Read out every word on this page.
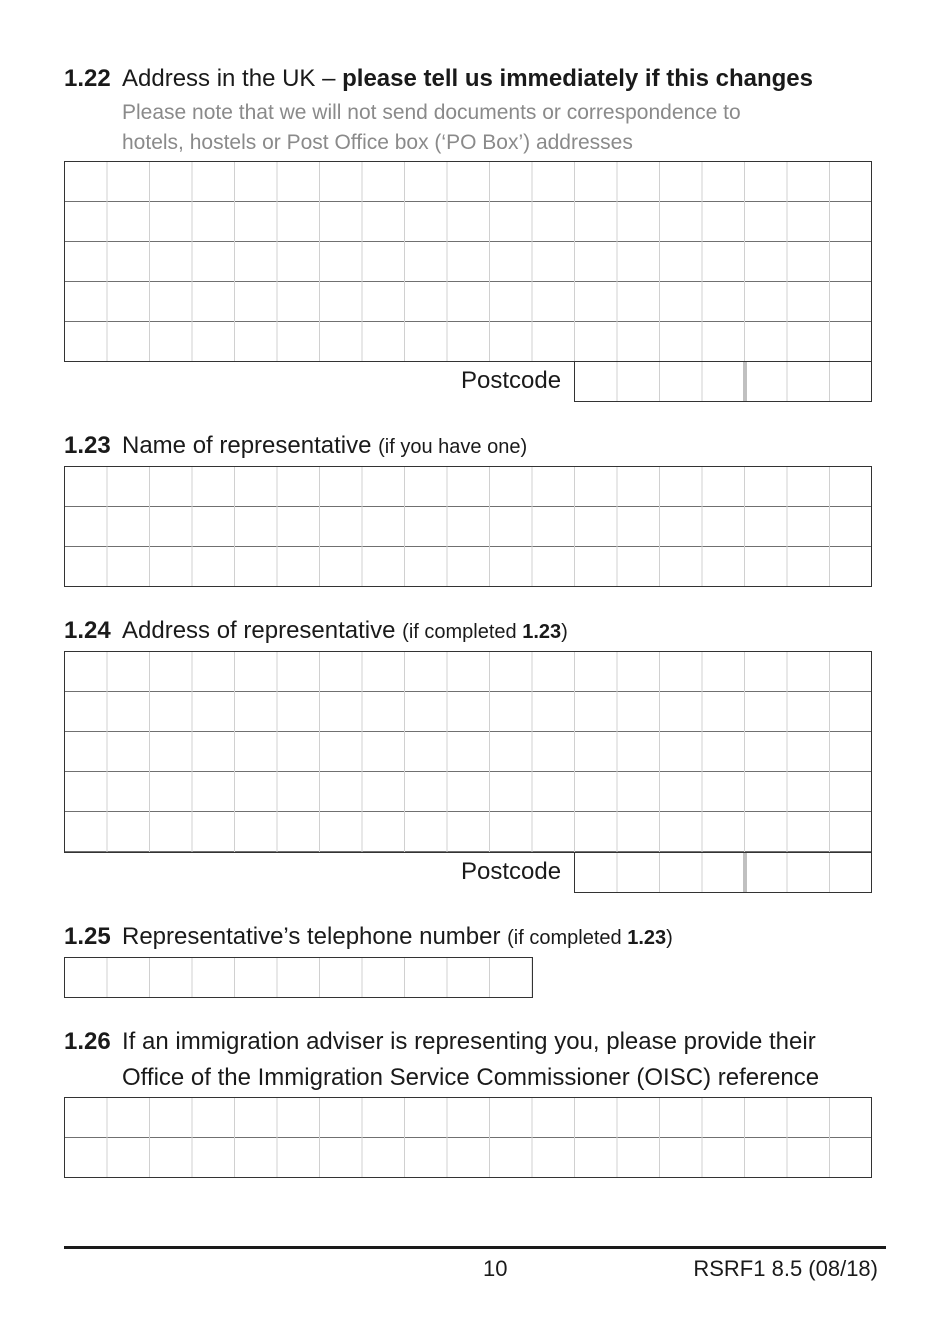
1.22 Address in the UK – please tell us immediately if this changes
Please note that we will not send documents or correspondence to
hotels, hostels or Post Office box (‘PO Box’) addresses
Postcode
1.23 Name of representative (if you have one)
1.24 Address of representative (if completed 1.23)
Postcode
1.25 Representative’s telephone number (if completed 1.23)
1.26 If an immigration adviser is representing you, please provide their
Office of the Immigration Service Commissioner (OISC) reference
10	RSRF1 8.5 (08/18)
